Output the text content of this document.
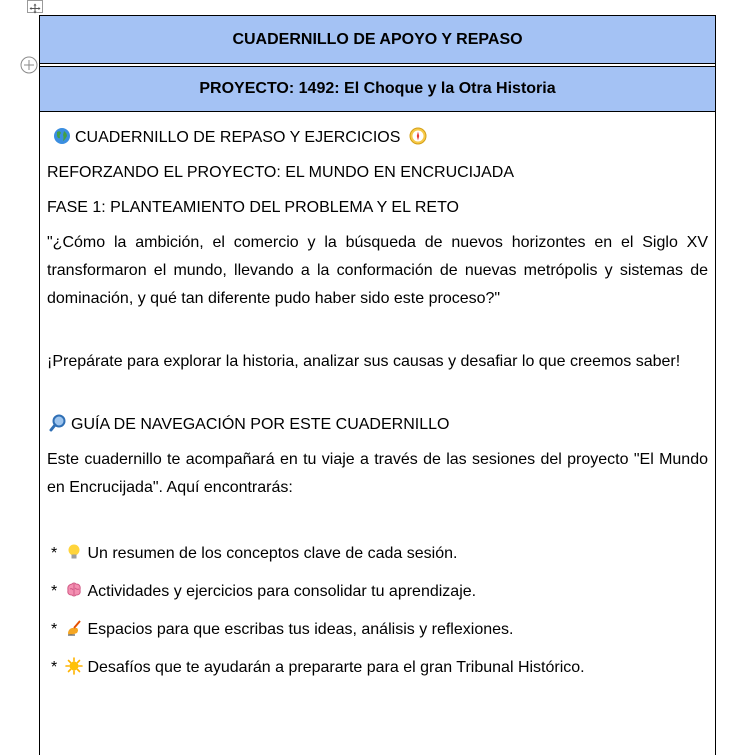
CUADERNILLO DE APOYO Y REPASO
PROYECTO: 1492: El Choque y la Otra Historia

CUADERNILLO DE REPASO Y EJERCICIOS

REFORZANDO EL PROYECTO: EL MUNDO EN ENCRUCIJADA

FASE 1: PLANTEAMIENTO DEL PROBLEMA Y EL RETO

"¿Cómo la ambición, el comercio y la búsqueda de nuevos horizontes en el Siglo XV transformaron el mundo, llevando a la conformación de nuevas metrópolis y sistemas de dominación, y qué tan diferente pudo haber sido este proceso?"

¡Prepárate para explorar la historia, analizar sus causas y desafiar lo que creemos saber!

GUÍA DE NAVEGACIÓN POR ESTE CUADERNILLO

Este cuadernillo te acompañará en tu viaje a través de las sesiones del proyecto "El Mundo en Encrucijada". Aquí encontrarás:

* Un resumen de los conceptos clave de cada sesión.

* Actividades y ejercicios para consolidar tu aprendizaje.

* Espacios para que escribas tus ideas, análisis y reflexiones.

* Desafíos que te ayudarán a prepararte para el gran Tribunal Histórico.
